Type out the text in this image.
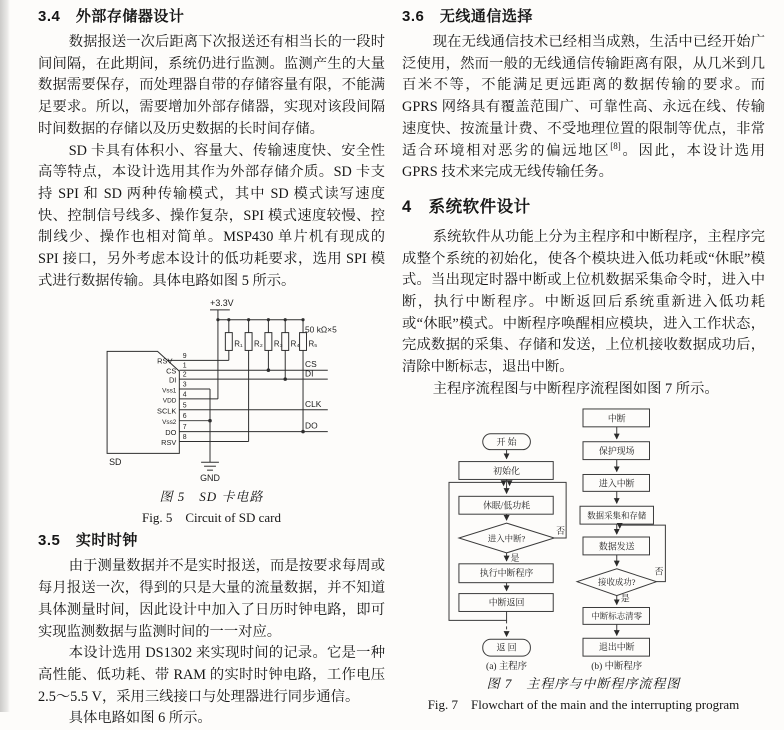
3.4　外部存储器设计

数据报送一次后距离下次报送还有相当长的一段时间间隔，在此期间，系统仍进行监测。监测产生的大量数据需要保存，而处理器自带的存储容量有限，不能满足要求。所以，需要增加外部存储器，实现对该段间隔时间数据的存储以及历史数据的长时间存储。

SD 卡具有体积小、容量大、传输速度快、安全性高等特点，本设计选用其作为外部存储介质。SD 卡支持 SPI 和 SD 两种传输模式，其中 SD 模式读写速度快、控制信号线多、操作复杂，SPI 模式速度较慢、控制线少、操作也相对简单。MSP430 单片机有现成的 SPI 接口，另外考虑本设计的低功耗要求，选用 SPI 模式进行数据传输。具体电路如图 5 所示。

+3.3V
50 kΩ×5
R₁ R₂ R₃ R₄ R₅
9
1
2
3
4
5
6
7
8
RSV
CS
DI
Vss1
VDD
SCLK
Vss2
DO
RSV
CS
DI
CLK
DO
SD
GND
图 5　SD 卡电路
Fig. 5　Circuit of SD card
3.5　实时时钟

由于测量数据并不是实时报送，而是按要求每周或每月报送一次，得到的只是大量的流量数据，并不知道具体测量时间，因此设计中加入了日历时钟电路，即可实现监测数据与监测时间的一一对应。

本设计选用 DS1302 来实现时间的记录。它是一种高性能、低功耗、带 RAM 的实时时钟电路，工作电压 2.5～5.5 V，采用三线接口与处理器进行同步通信。

具体电路如图 6 所示。

3.6　无线通信选择

现在无线通信技术已经相当成熟，生活中已经开始广泛使用，然而一般的无线通信传输距离有限，从几米到几百米不等，不能满足更远距离的数据传输的要求。而 GPRS 网络具有覆盖范围广、可靠性高、永远在线、传输速度快、按流量计费、不受地理位置的限制等优点，非常适合环境相对恶劣的偏远地区[8]。因此，本设计选用 GPRS 技术来完成无线传输任务。

4　系统软件设计

系统软件从功能上分为主程序和中断程序，主程序完成整个系统的初始化，使各个模块进入低功耗或“休眠”模式。当出现定时器中断或上位机数据采集命令时，进入中断，执行中断程序。中断返回后系统重新进入低功耗或“休眠”模式。中断程序唤醒相应模块，进入工作状态，完成数据的采集、存储和发送，上位机接收数据成功后，清除中断标志，退出中断。

主程序流程图与中断程序流程图如图 7 所示。

开 始
初始化
休眠/低功耗
进入中断?
否
是
执行中断程序
中断返回
返 回
(a) 主程序
中断
保护现场
进入中断
数据采集和存储
数据发送
接收成功?
否
是
中断标志清零
退出中断
(b) 中断程序
图 7　主程序与中断程序流程图
Fig. 7　Flowchart of the main and the interrupting program
